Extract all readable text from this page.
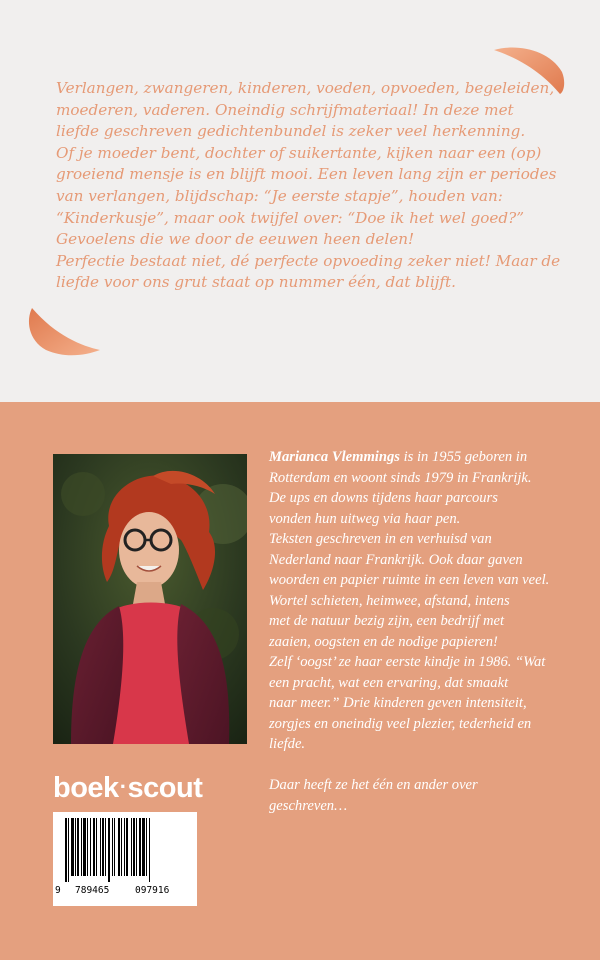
Verlangen, zwangeren, kinderen, voeden, opvoeden, begeleiden,
moederen, vaderen. Oneindig schrijfmateriaal! In deze met
liefde geschreven gedichtenbundel is zeker veel herkenning.
Of je moeder bent, dochter of suikertante, kijken naar een (op)
groeiend mensje is en blijft mooi. Een leven lang zijn er periodes
van verlangen, blijdschap: “Je eerste stapje”, houden van:
“Kinderkusje”, maar ook twijfel over: “Doe ik het wel goed?”
Gevoelens die we door de eeuwen heen delen!
Perfectie bestaat niet, dé perfecte opvoeding zeker niet! Maar de
liefde voor ons grut staat op nummer één, dat blijft.
Marianca Vlemmings is in 1955 geboren in
Rotterdam en woont sinds 1979 in Frankrijk.
De ups en downs tijdens haar parcours
vonden hun uitweg via haar pen.
Teksten geschreven in en verhuisd van
Nederland naar Frankrijk. Ook daar gaven
woorden en papier ruimte in een leven van veel.
Wortel schieten, heimwee, afstand, intens
met de natuur bezig zijn, een bedrijf met
zaaien, oogsten en de nodige papieren!
Zelf ‘oogst’ ze haar eerste kindje in 1986. “Wat
een pracht, wat een ervaring, dat smaakt
naar meer.” Drie kinderen geven intensiteit,
zorgjes en oneindig veel plezier, tederheid en
liefde.
Daar heeft ze het één en ander over
geschreven…
boek·scout
9 789465	097916
